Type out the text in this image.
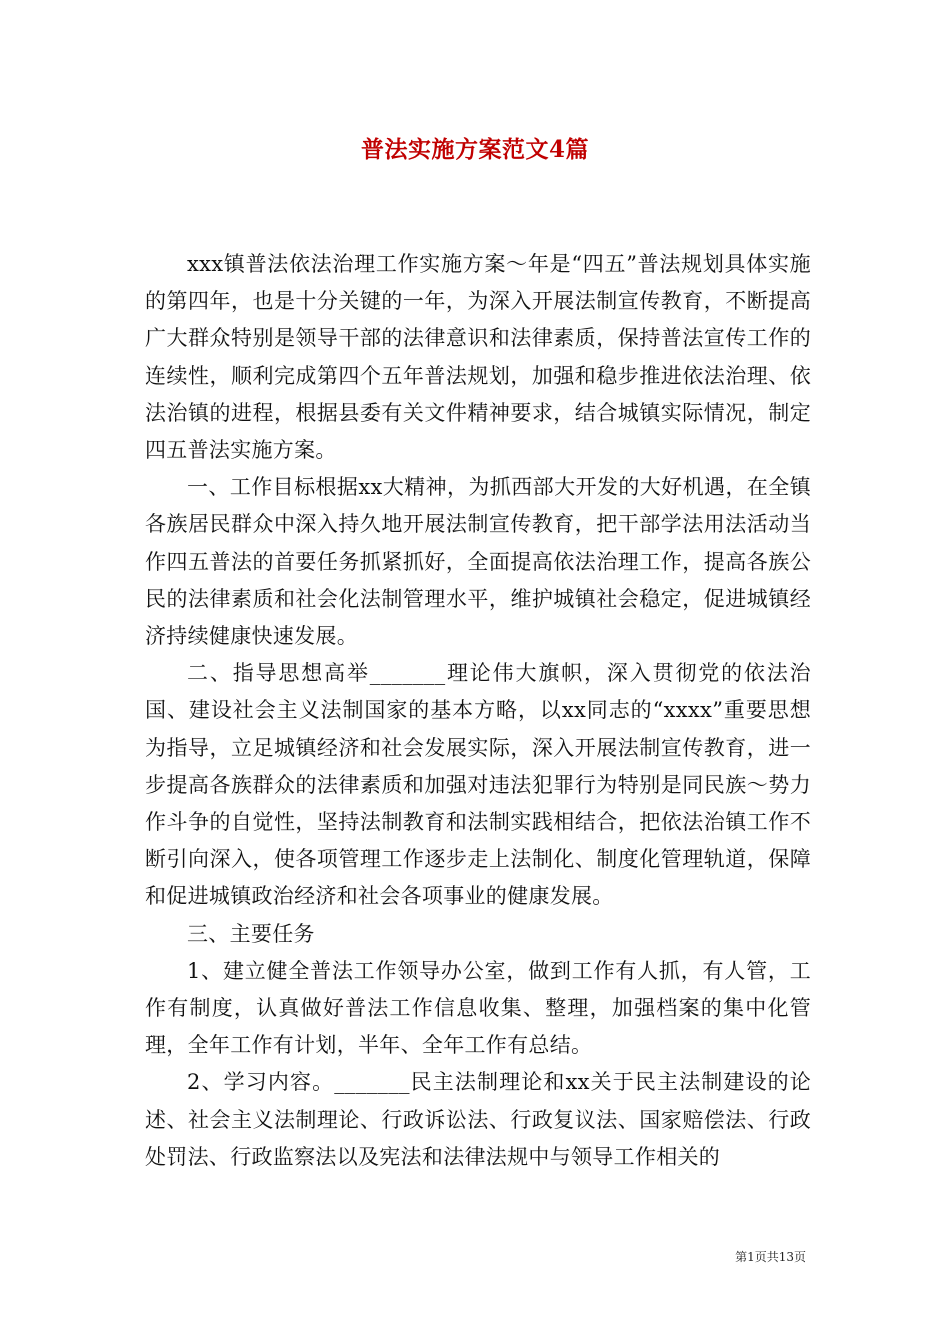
普法实施方案范文4篇

xxx镇普法依法治理工作实施方案～年是“四五”普法规划具体实施的第四年，也是十分关键的一年，为深入开展法制宣传教育，不断提高广大群众特别是领导干部的法律意识和法律素质，保持普法宣传工作的连续性，顺利完成第四个五年普法规划，加强和稳步推进依法治理、依法治镇的进程，根据县委有关文件精神要求，结合城镇实际情况，制定四五普法实施方案。

一、工作目标根据xx大精神，为抓西部大开发的大好机遇，在全镇各族居民群众中深入持久地开展法制宣传教育，把干部学法用法活动当作四五普法的首要任务抓紧抓好，全面提高依法治理工作，提高各族公民的法律素质和社会化法制管理水平，维护城镇社会稳定，促进城镇经济持续健康快速发展。

二、指导思想高举_______理论伟大旗帜，深入贯彻党的依法治国、建设社会主义法制国家的基本方略，以xx同志的“xxxx”重要思想为指导，立足城镇经济和社会发展实际，深入开展法制宣传教育，进一步提高各族群众的法律素质和加强对违法犯罪行为特别是同民族～势力作斗争的自觉性，坚持法制教育和法制实践相结合，把依法治镇工作不断引向深入，使各项管理工作逐步走上法制化、制度化管理轨道，保障和促进城镇政治经济和社会各项事业的健康发展。

三、主要任务

1、建立健全普法工作领导办公室，做到工作有人抓，有人管，工作有制度，认真做好普法工作信息收集、整理，加强档案的集中化管理，全年工作有计划，半年、全年工作有总结。

2、学习内容。_______民主法制理论和xx关于民主法制建设的论述、社会主义法制理论、行政诉讼法、行政复议法、国家赔偿法、行政处罚法、行政监察法以及宪法和法律法规中与领导工作相关的

第1页共13页
